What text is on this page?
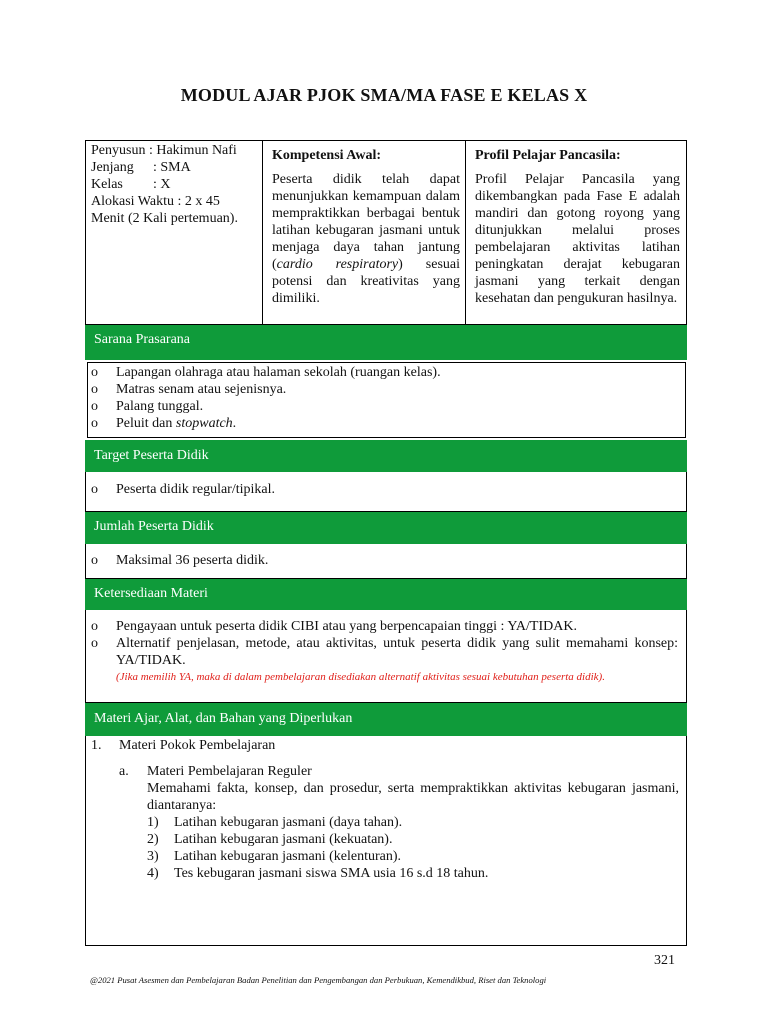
MODUL AJAR PJOK SMA/MA FASE E KELAS X
Penyusun : Hakimun Nafi
Jenjang : SMA
Kelas : X
Alokasi Waktu : 2 x 45 Menit (2 Kali pertemuan).
Kompetensi Awal:
Peserta didik telah dapat menunjukkan kemampuan dalam mempraktikkan berbagai bentuk latihan kebugaran jasmani untuk menjaga daya tahan jantung (cardio respiratory) sesuai potensi dan kreativitas yang dimiliki.
Profil Pelajar Pancasila:
Profil Pelajar Pancasila yang dikembangkan pada Fase E adalah mandiri dan gotong royong yang ditunjukkan melalui proses pembelajaran aktivitas latihan peningkatan derajat kebugaran jasmani yang terkait dengan kesehatan dan pengukuran hasilnya.
Sarana Prasarana
o Lapangan olahraga atau halaman sekolah (ruangan kelas).
o Matras senam atau sejenisnya.
o Palang tunggal.
o Peluit dan stopwatch.
Target Peserta Didik
o Peserta didik regular/tipikal.
Jumlah Peserta Didik
o Maksimal 36 peserta didik.
Ketersediaan Materi
o Pengayaan untuk peserta didik CIBI atau yang berpencapaian tinggi : YA/TIDAK.
o Alternatif penjelasan, metode, atau aktivitas, untuk peserta didik yang sulit memahami konsep: YA/TIDAK.
(Jika memilih YA, maka di dalam pembelajaran disediakan alternatif aktivitas sesuai kebutuhan peserta didik).
Materi Ajar, Alat, dan Bahan yang Diperlukan
1. Materi Pokok Pembelajaran
a. Materi Pembelajaran Reguler
Memahami fakta, konsep, dan prosedur, serta mempraktikkan aktivitas kebugaran jasmani, diantaranya:
1) Latihan kebugaran jasmani (daya tahan).
2) Latihan kebugaran jasmani (kekuatan).
3) Latihan kebugaran jasmani (kelenturan).
4) Tes kebugaran jasmani siswa SMA usia 16 s.d 18 tahun.
321
@2021 Pusat Asesmen dan Pembelajaran Badan Penelitian dan Pengembangan dan Perbukuan, Kemendikbud, Riset dan Teknologi
